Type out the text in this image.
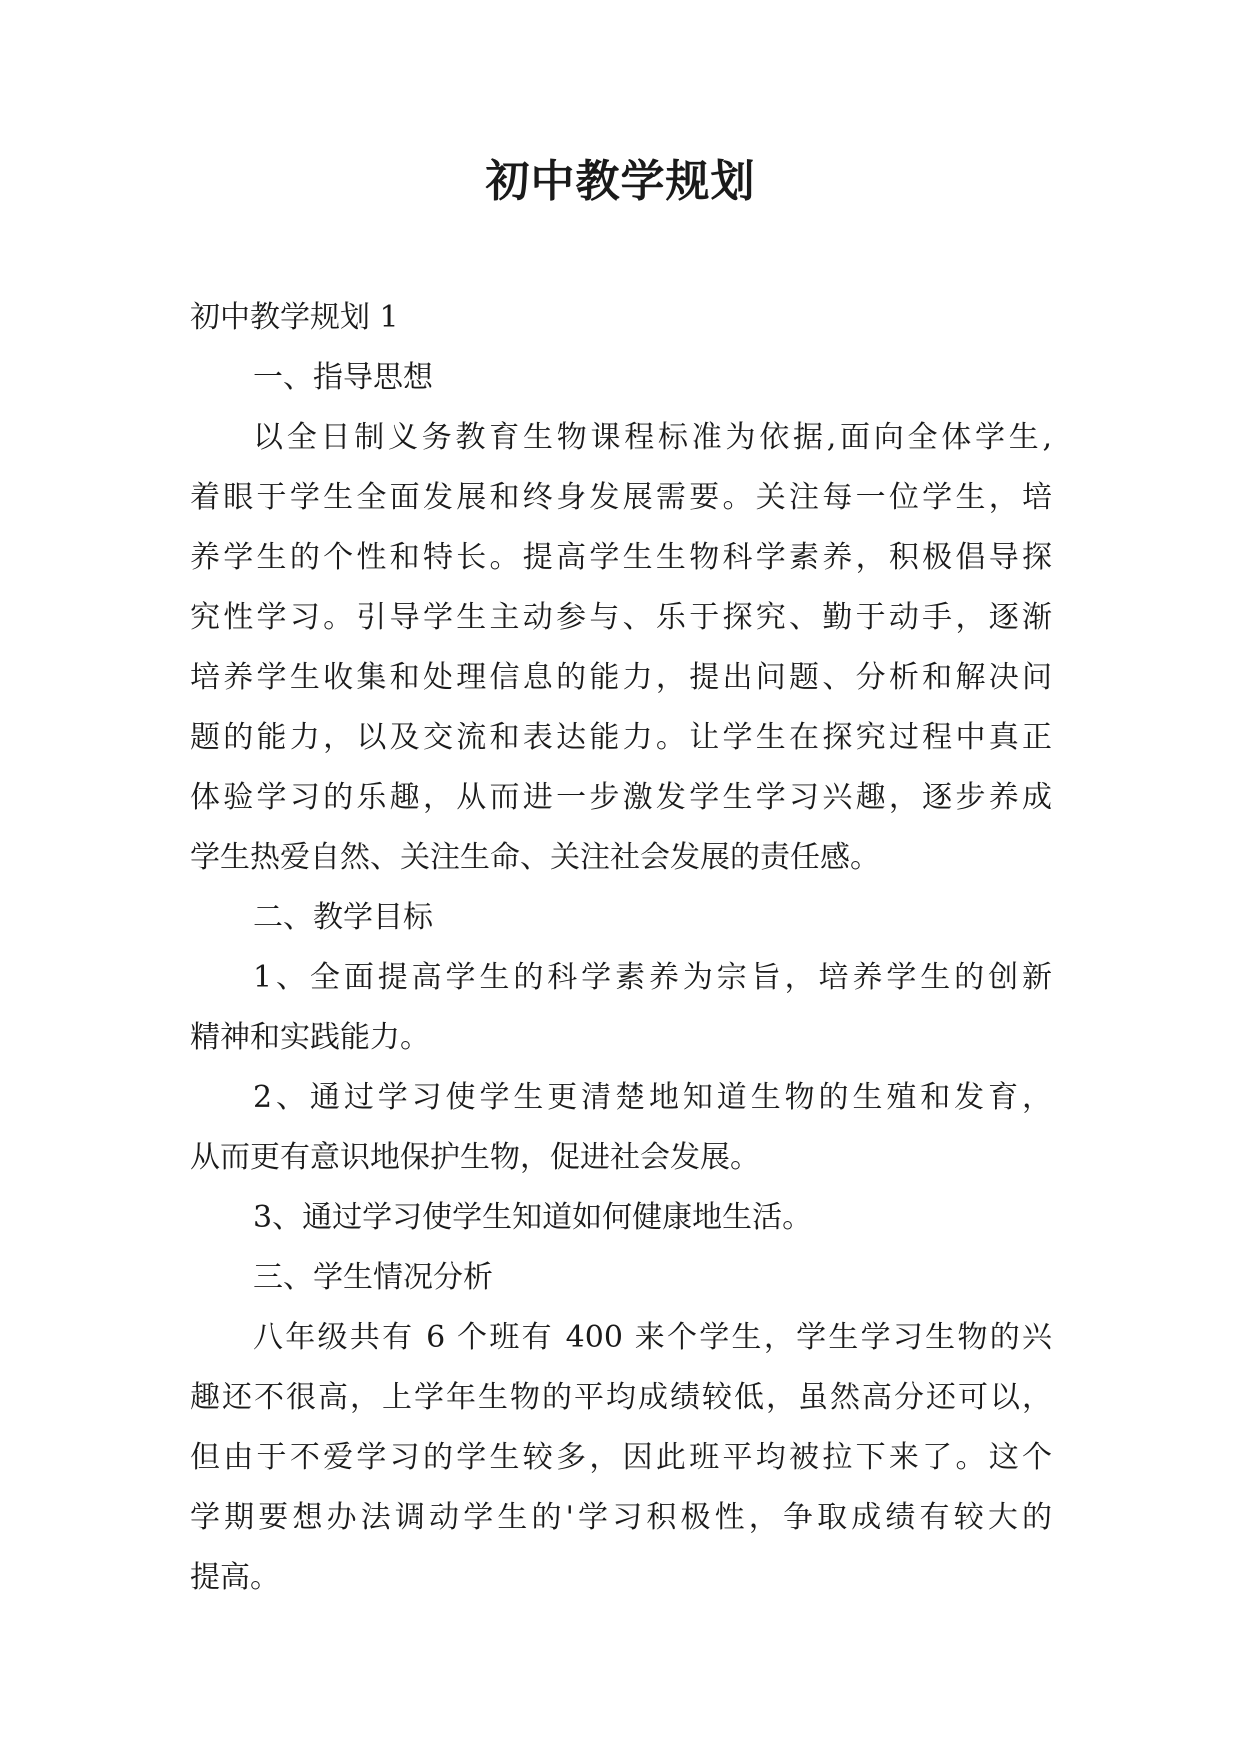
初中教学规划

初中教学规划 1

一、指导思想

以全日制义务教育生物课程标准为依据,面向全体学生,

着眼于学生全面发展和终身发展需要。关注每一位学生，培

养学生的个性和特长。提高学生生物科学素养，积极倡导探

究性学习。引导学生主动参与、乐于探究、勤于动手，逐渐

培养学生收集和处理信息的能力，提出问题、分析和解决问

题的能力，以及交流和表达能力。让学生在探究过程中真正

体验学习的乐趣，从而进一步激发学生学习兴趣，逐步养成

学生热爱自然、关注生命、关注社会发展的责任感。

二、教学目标

1、全面提高学生的科学素养为宗旨，培养学生的创新

精神和实践能力。

2、通过学习使学生更清楚地知道生物的生殖和发育，

从而更有意识地保护生物，促进社会发展。

3、通过学习使学生知道如何健康地生活。

三、学生情况分析

八年级共有 6 个班有 400 来个学生，学生学习生物的兴

趣还不很高，上学年生物的平均成绩较低，虽然高分还可以，

但由于不爱学习的学生较多，因此班平均被拉下来了。这个

学期要想办法调动学生的'学习积极性，争取成绩有较大的

提高。
